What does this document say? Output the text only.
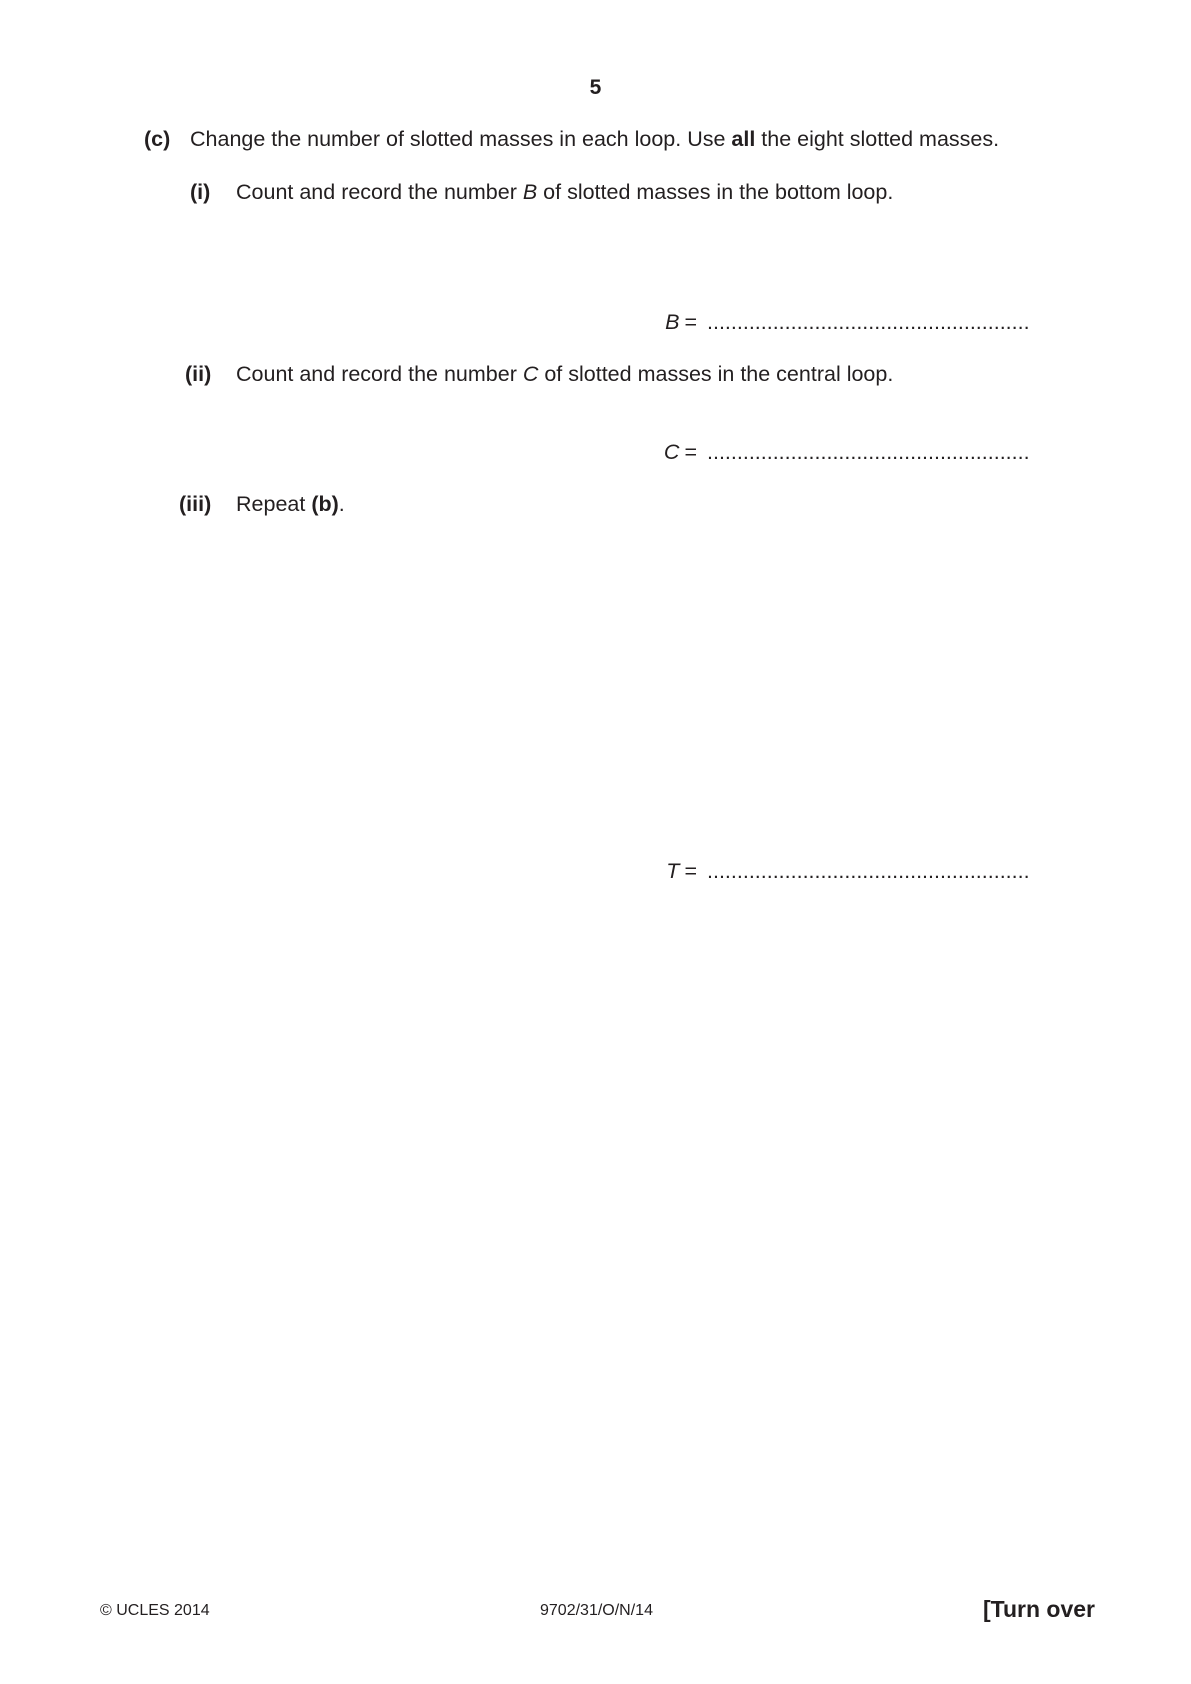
5
(c) Change the number of slotted masses in each loop. Use all the eight slotted masses.
(i) Count and record the number B of slotted masses in the bottom loop.
B = ......................................................
(ii) Count and record the number C of slotted masses in the central loop.
C = ......................................................
(iii) Repeat (b).
T = ......................................................
© UCLES 2014	9702/31/O/N/14	[Turn over
